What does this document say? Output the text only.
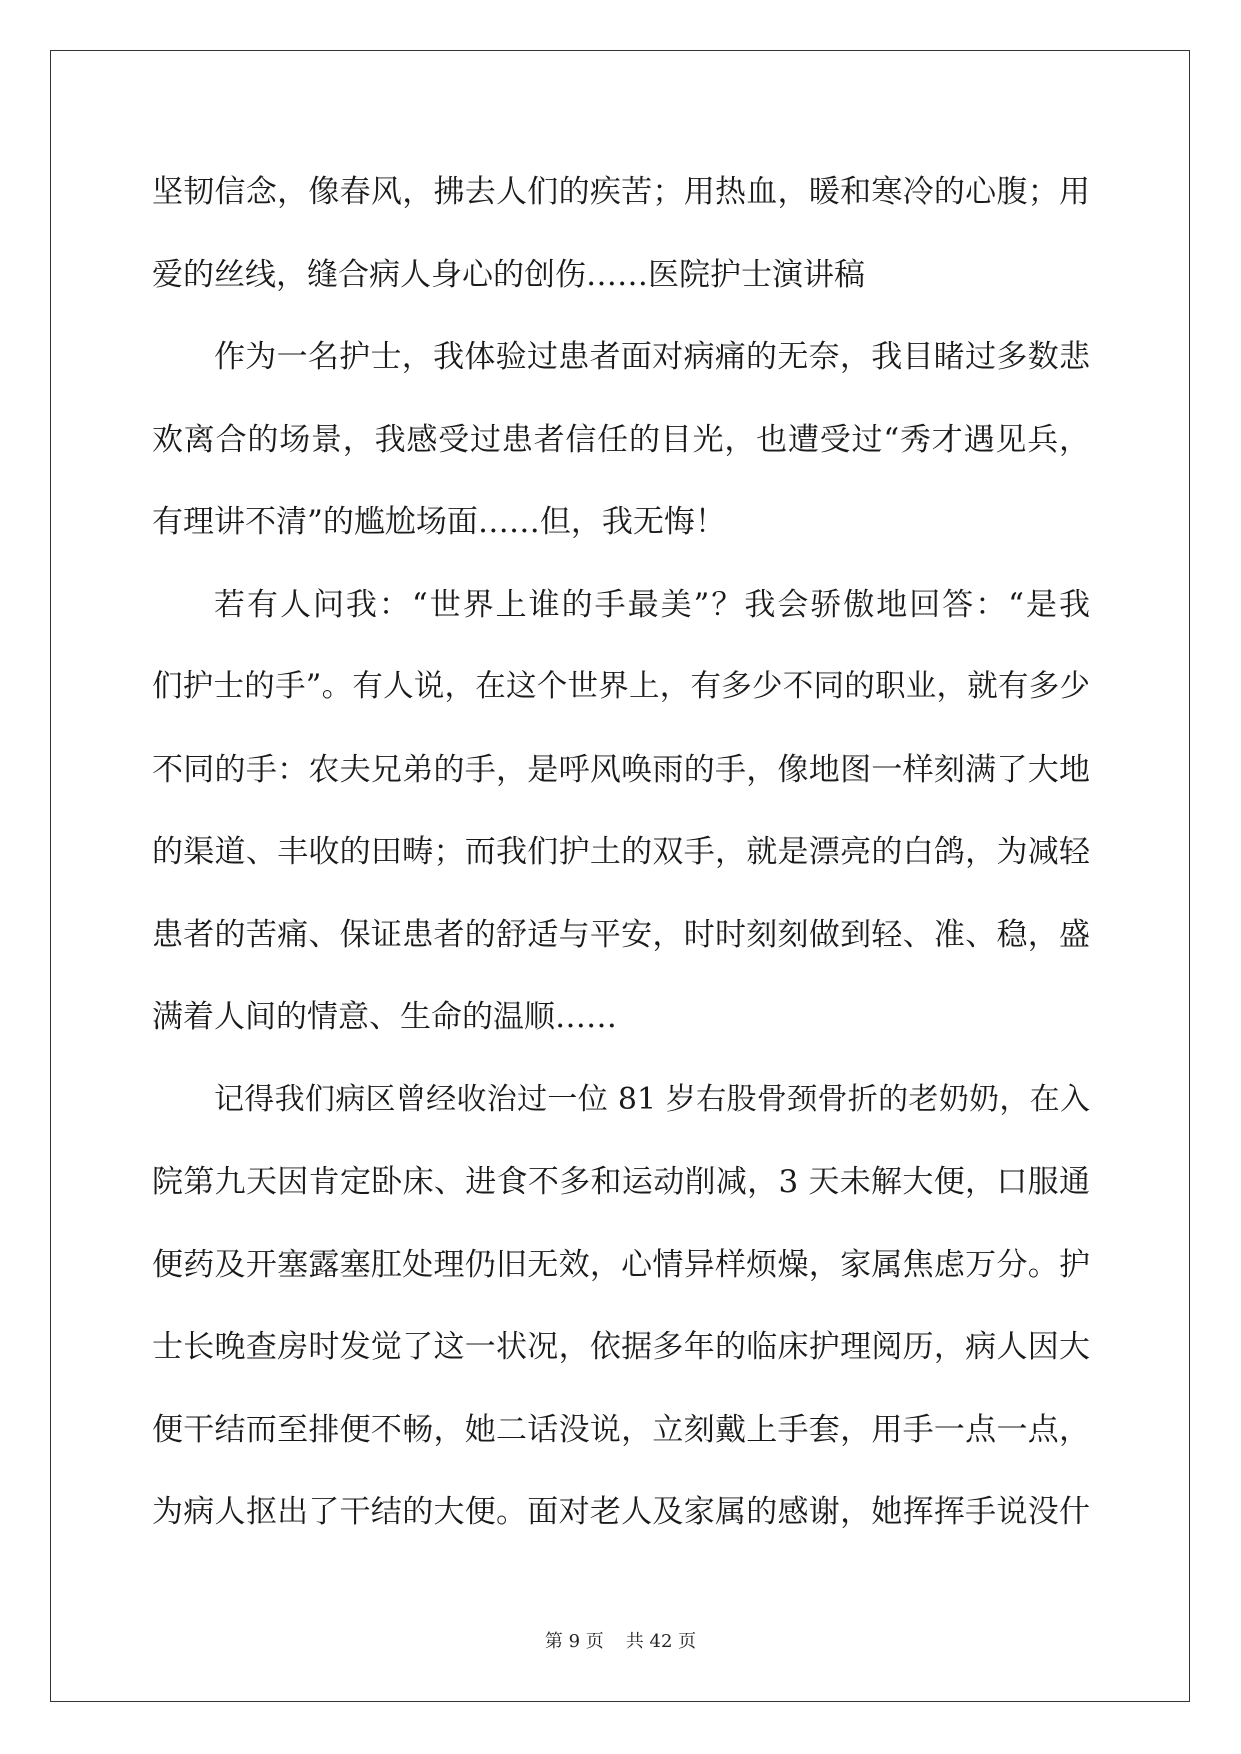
坚韧信念，像春风，拂去人们的疾苦；用热血，暖和寒冷的心腹；用
爱的丝线，缝合病人身心的创伤……医院护士演讲稿
作为一名护士，我体验过患者面对病痛的无奈，我目睹过多数悲
欢离合的场景，我感受过患者信任的目光，也遭受过“秀才遇见兵，
有理讲不清”的尴尬场面……但，我无悔！
若有人问我：“世界上谁的手最美”？我会骄傲地回答：“是我
们护士的手”。有人说，在这个世界上，有多少不同的职业，就有多少
不同的手：农夫兄弟的手，是呼风唤雨的手，像地图一样刻满了大地
的渠道、丰收的田畴；而我们护土的双手，就是漂亮的白鸽，为减轻
患者的苦痛、保证患者的舒适与平安，时时刻刻做到轻、准、稳，盛
满着人间的情意、生命的温顺……
记得我们病区曾经收治过一位 81 岁右股骨颈骨折的老奶奶，在入
院第九天因肯定卧床、进食不多和运动削减，3 天未解大便，口服通
便药及开塞露塞肛处理仍旧无效，心情异样烦燥，家属焦虑万分。护
士长晚查房时发觉了这一状况，依据多年的临床护理阅历，病人因大
便干结而至排便不畅，她二话没说，立刻戴上手套，用手一点一点，
为病人抠出了干结的大便。面对老人及家属的感谢，她挥挥手说没什
第 9 页 共 42 页
